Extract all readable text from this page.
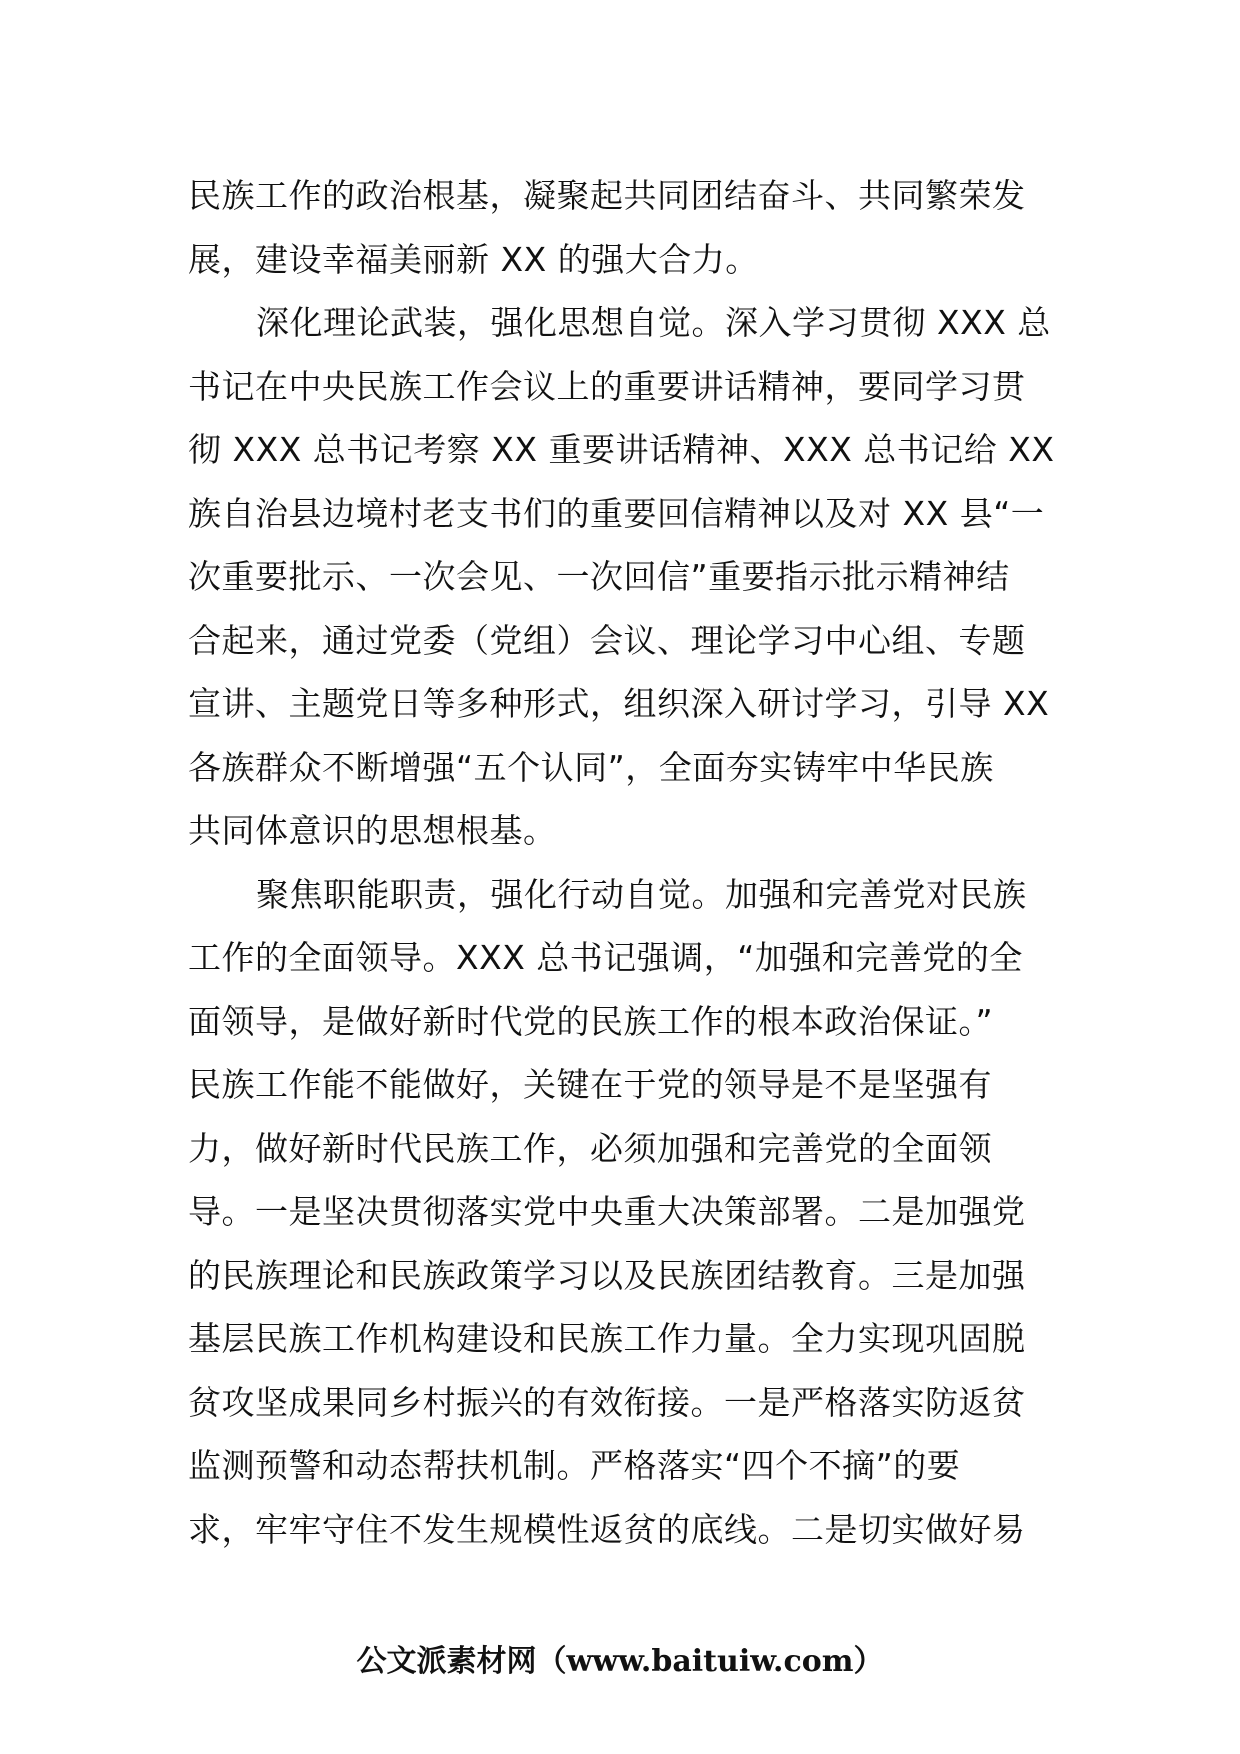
民族工作的政治根基，凝聚起共同团结奋斗、共同繁荣发
展，建设幸福美丽新 XX 的强大合力。
深化理论武装，强化思想自觉。深入学习贯彻 XXX 总
书记在中央民族工作会议上的重要讲话精神，要同学习贯
彻 XXX 总书记考察 XX 重要讲话精神、XXX 总书记给 XX
族自治县边境村老支书们的重要回信精神以及对 XX 县“一
次重要批示、一次会见、一次回信”重要指示批示精神结
合起来，通过党委（党组）会议、理论学习中心组、专题
宣讲、主题党日等多种形式，组织深入研讨学习，引导 XX
各族群众不断增强“五个认同”，全面夯实铸牢中华民族
共同体意识的思想根基。
聚焦职能职责，强化行动自觉。加强和完善党对民族
工作的全面领导。XXX 总书记强调，“加强和完善党的全
面领导，是做好新时代党的民族工作的根本政治保证。”
民族工作能不能做好，关键在于党的领导是不是坚强有
力，做好新时代民族工作，必须加强和完善党的全面领
导。一是坚决贯彻落实党中央重大决策部署。二是加强党
的民族理论和民族政策学习以及民族团结教育。三是加强
基层民族工作机构建设和民族工作力量。全力实现巩固脱
贫攻坚成果同乡村振兴的有效衔接。一是严格落实防返贫
监测预警和动态帮扶机制。严格落实“四个不摘”的要
求，牢牢守住不发生规模性返贫的底线。二是切实做好易
公文派素材网（www.baituiw.com）
